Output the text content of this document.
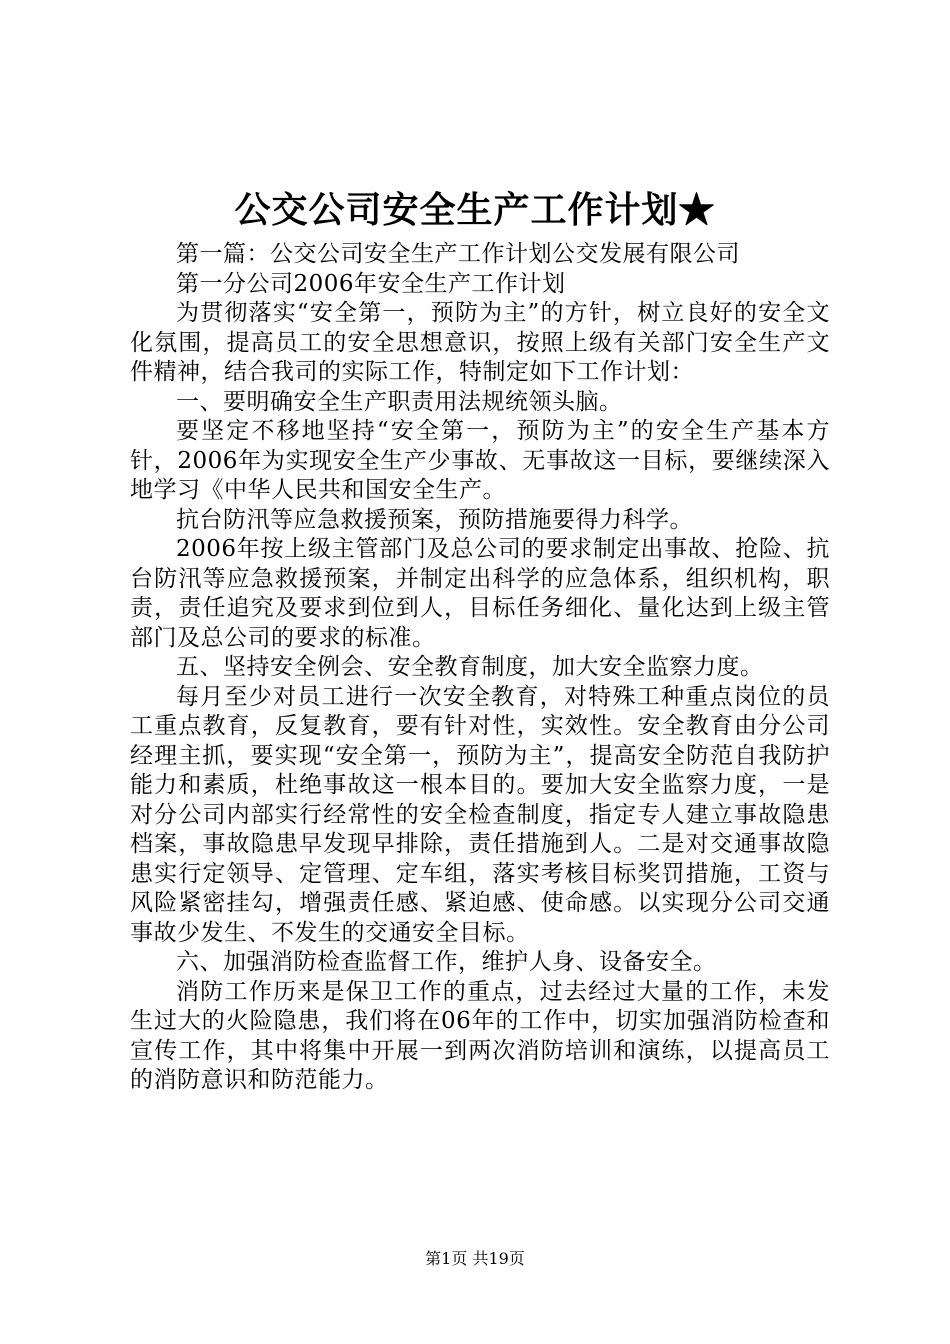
公交公司安全生产工作计划★

第一篇：公交公司安全生产工作计划公交发展有限公司

第一分公司2006年安全生产工作计划

为贯彻落实“安全第一，预防为主”的方针，树立良好的安全文化氛围，提高员工的安全思想意识，按照上级有关部门安全生产文件精神，结合我司的实际工作，特制定如下工作计划：

一、要明确安全生产职责用法规统领头脑。

要坚定不移地坚持“安全第一，预防为主”的安全生产基本方针，2006年为实现安全生产少事故、无事故这一目标，要继续深入地学习《中华人民共和国安全生产。

抗台防汛等应急救援预案，预防措施要得力科学。

2006年按上级主管部门及总公司的要求制定出事故、抢险、抗台防汛等应急救援预案，并制定出科学的应急体系，组织机构，职责，责任追究及要求到位到人，目标任务细化、量化达到上级主管部门及总公司的要求的标准。

五、坚持安全例会、安全教育制度，加大安全监察力度。

每月至少对员工进行一次安全教育，对特殊工种重点岗位的员工重点教育，反复教育，要有针对性，实效性。安全教育由分公司经理主抓，要实现“安全第一，预防为主”，提高安全防范自我防护能力和素质，杜绝事故这一根本目的。要加大安全监察力度，一是对分公司内部实行经常性的安全检查制度，指定专人建立事故隐患档案，事故隐患早发现早排除，责任措施到人。二是对交通事故隐患实行定领导、定管理、定车组，落实考核目标奖罚措施，工资与风险紧密挂勾，增强责任感、紧迫感、使命感。以实现分公司交通事故少发生、不发生的交通安全目标。

六、加强消防检查监督工作，维护人身、设备安全。

消防工作历来是保卫工作的重点，过去经过大量的工作，未发生过大的火险隐患，我们将在06年的工作中，切实加强消防检查和宣传工作，其中将集中开展一到两次消防培训和演练，以提高员工的消防意识和防范能力。

第1页 共19页
